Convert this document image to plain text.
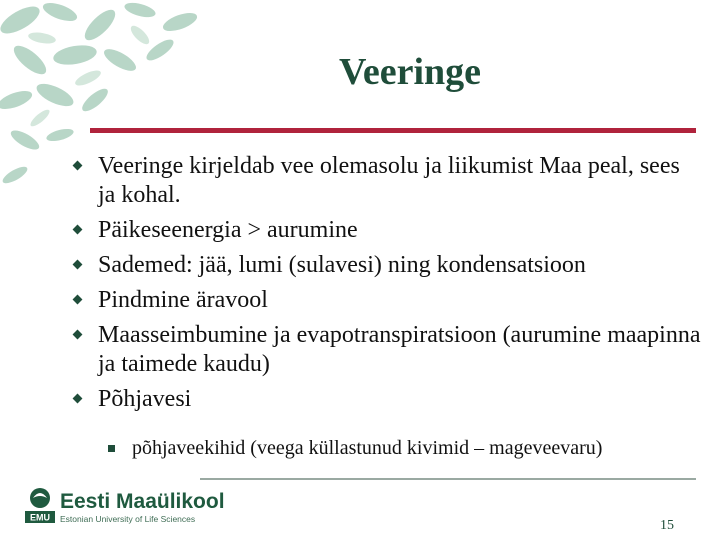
Veeringe
Veeringe kirjeldab vee olemasolu ja liikumist Maa peal, sees ja kohal.
Päikeseenergia > aurumine
Sademed: jää, lumi (sulavesi) ning kondensatsioon
Pindmine äravool
Maasseimbumine ja evapotranspiratsioon (aurumine maapinna ja taimede kaudu)
Põhjavesi
põhjaveekihid (veega küllastunud kivimid – mageveevaru)
EMU
Eesti Maaülikool
Estonian University of Life Sciences	15
